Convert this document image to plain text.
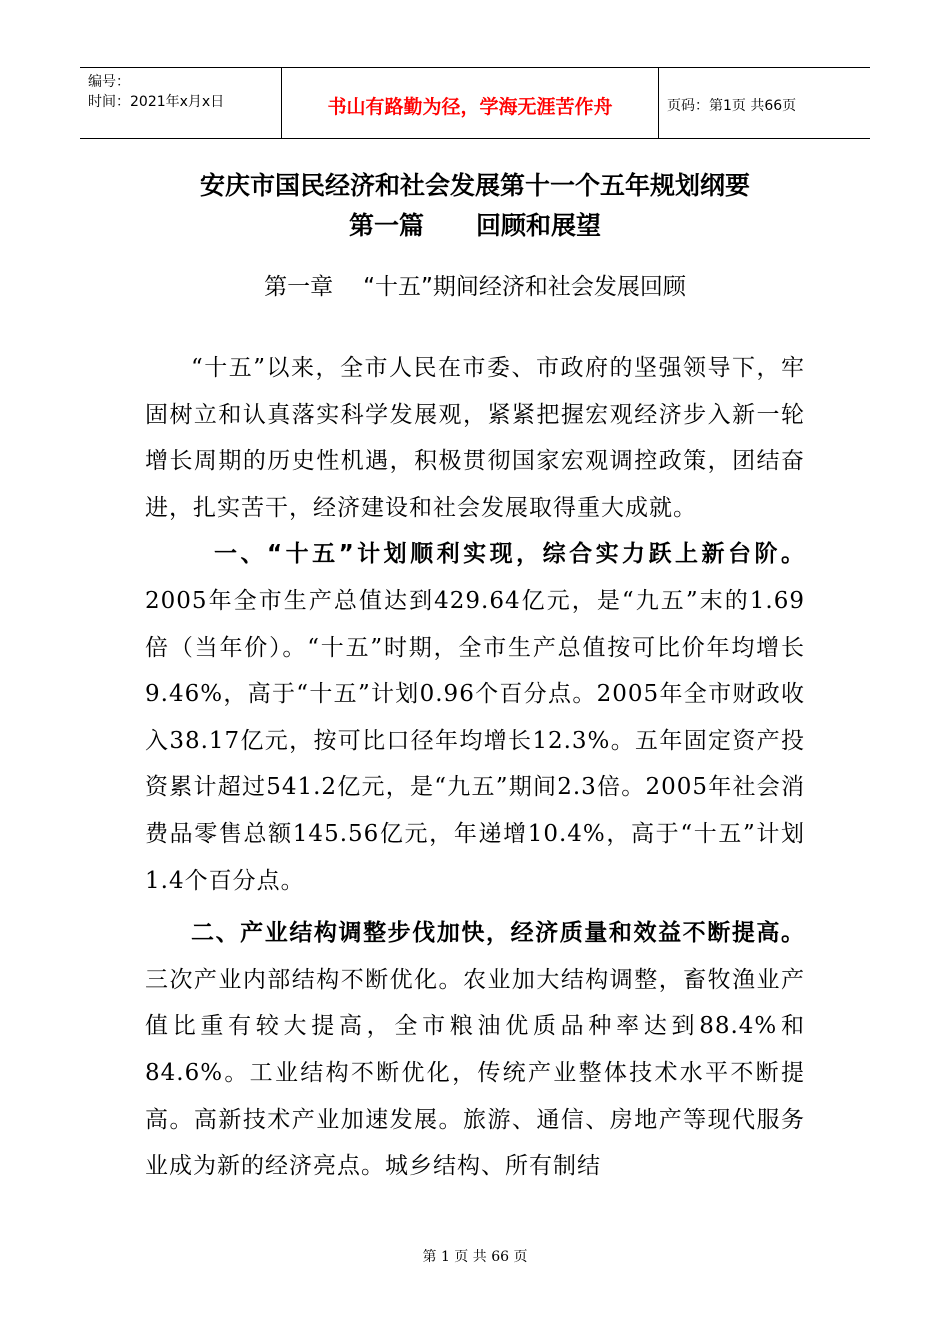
编号：
时间：2021年x月x日	书山有路勤为径，学海无涯苦作舟	页码：第1页 共66页
安庆市国民经济和社会发展第十一个五年规划纲要
第一篇 回顾和展望
第一章 “十五”期间经济和社会发展回顾

“十五”以来，全市人民在市委、市政府的坚强领导下，牢固树立和认真落实科学发展观，紧紧把握宏观经济步入新一轮增长周期的历史性机遇，积极贯彻国家宏观调控政策，团结奋进，扎实苦干，经济建设和社会发展取得重大成就。

一、“十五”计划顺利实现，综合实力跃上新台阶。2005年全市生产总值达到429.64亿元，是“九五”末的1.69倍（当年价）。“十五”时期，全市生产总值按可比价年均增长9.46%，高于“十五”计划0.96个百分点。2005年全市财政收入38.17亿元，按可比口径年均增长12.3%。五年固定资产投资累计超过541.2亿元，是“九五”期间2.3倍。2005年社会消费品零售总额145.56亿元，年递增10.4%，高于“十五”计划1.4个百分点。

二、产业结构调整步伐加快，经济质量和效益不断提高。三次产业内部结构不断优化。农业加大结构调整，畜牧渔业产值比重有较大提高，全市粮油优质品种率达到88.4%和84.6%。工业结构不断优化，传统产业整体技术水平不断提高。高新技术产业加速发展。旅游、通信、房地产等现代服务业成为新的经济亮点。城乡结构、所有制结

第 1 页 共 66 页
